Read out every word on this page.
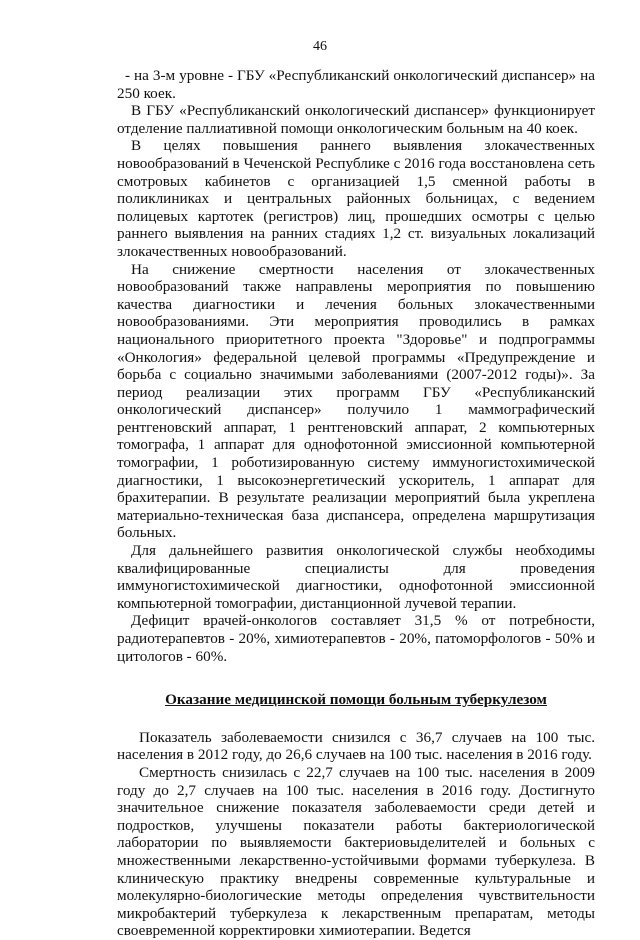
46

- на 3-м уровне - ГБУ «Республиканский онкологический диспансер» на 250 коек.

В ГБУ «Республиканский онкологический диспансер» функционирует отделение паллиативной помощи онкологическим больным на 40 коек.

В целях повышения раннего выявления злокачественных новообразований в Чеченской Республике с 2016 года восстановлена сеть смотровых кабинетов с организацией 1,5 сменной работы в поликлиниках и центральных районных больницах, с ведением полицевых картотек (регистров) лиц, прошедших осмотры с целью раннего выявления на ранних стадиях 1,2 ст. визуальных локализаций злокачественных новообразований.

На снижение смертности населения от злокачественных новообразований также направлены мероприятия по повышению качества диагностики и лечения больных злокачественными новообразованиями. Эти мероприятия проводились в рамках национального приоритетного проекта "Здоровье" и подпрограммы «Онкология» федеральной целевой программы «Предупреждение и борьба с социально значимыми заболеваниями (2007-2012 годы)». За период реализации этих программ ГБУ «Республиканский онкологический диспансер» получило 1 маммографический рентгеновский аппарат, 1 рентгеновский аппарат, 2 компьютерных томографа, 1 аппарат для однофотонной эмиссионной компьютерной томографии, 1 роботизированную систему иммуногистохимической диагностики, 1 высокоэнергетический ускоритель, 1 аппарат для брахитерапии. В результате реализации мероприятий была укреплена материально-техническая база диспансера, определена маршрутизация больных.

Для дальнейшего развития онкологической службы необходимы квалифицированные специалисты для проведения иммуногистохимической диагностики, однофотонной эмиссионной компьютерной томографии, дистанционной лучевой терапии.

Дефицит врачей-онкологов составляет 31,5 % от потребности, радиотерапевтов - 20%, химиотерапевтов - 20%, патоморфологов - 50% и цитологов - 60%.

Оказание медицинской помощи больным туберкулезом

Показатель заболеваемости снизился с 36,7 случаев на 100 тыс. населения в 2012 году, до 26,6 случаев на 100 тыс. населения в 2016 году.

Смертность снизилась с 22,7 случаев на 100 тыс. населения в 2009 году до 2,7 случаев на 100 тыс. населения в 2016 году. Достигнуто значительное снижение показателя заболеваемости среди детей и подростков, улучшены показатели работы бактериологической лаборатории по выявляемости бактериовыделителей и больных с множественными лекарственно-устойчивыми формами туберкулеза. В клиническую практику внедрены современные культуральные и молекулярно-биологические методы определения чувствительности микробактерий туберкулеза к лекарственным препаратам, методы своевременной корректировки химиотерапии. Ведется
